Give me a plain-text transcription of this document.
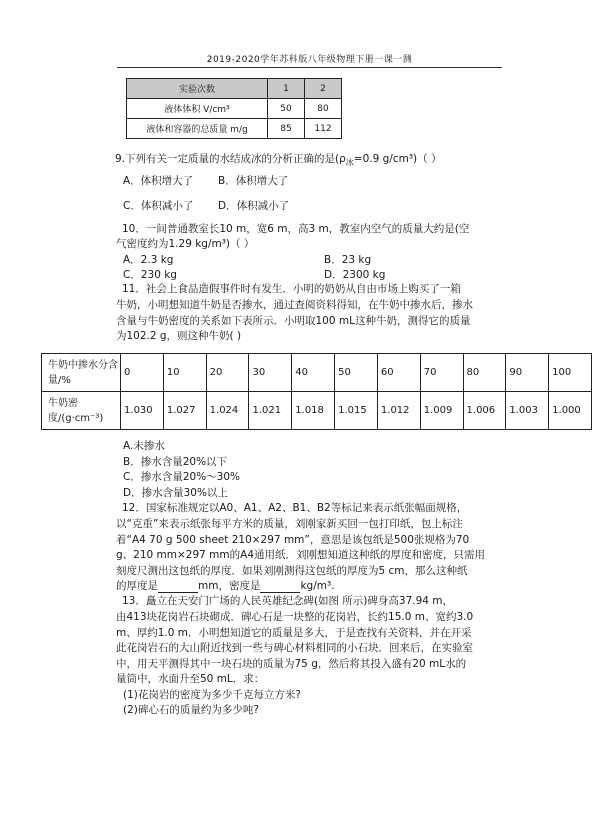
2019-2020学年苏科版八年级物理下册一课一测
实验次数	1	2
液体体积 V/cm³	50	80
液体和容器的总质量 m/g	85	112
9.下列有关一定质量的水结成冰的分析正确的是($\rho_冰=0.9$ g/cm³)（ ）
A．体积增大了 B．体积增大了
C．体积减小了 D．体积减小了
10．一间普通教室长10 m，宽6 m，高3 m，教室内空气的质量大约是(空
气密度约为1.29 kg/m³)（ ）
A．2.3 kg	B．23 kg
C．230 kg	D．2300 kg
11．社会上食品造假事件时有发生．小明的奶奶从自由市场上购买了一箱
牛奶，小明想知道牛奶是否掺水，通过查阅资料得知，在牛奶中掺水后，掺水
含量与牛奶密度的关系如下表所示．小明取100 mL这种牛奶，测得它的质量
为102.2 g，则这种牛奶( )
牛奶中掺水分含量/%	0	10	20	30	40	50	60	70	80	90	100
牛奶密度/(g·cm⁻³)	1.030	1.027	1.024	1.021	1.018	1.015	1.012	1.009	1.006	1.003	1.000
A.未掺水
B．掺水含量20%以下
C．掺水含量20%～30%
D．掺水含量30%以上
12．国家标准规定以A0、A1、A2、B1、B2等标记来表示纸张幅面规格，
以“克重”来表示纸张每平方米的质量，刘刚家新买回一包打印纸，包上标注
着“A4 70 g 500 sheet 210×297 mm”，意思是该包纸是500张规格为70
g、210 mm×297 mm的A4通用纸．刘刚想知道这种纸的厚度和密度，只需用
刻度尺测出这包纸的厚度．如果刘刚测得这包纸的厚度为5 cm，那么这种纸
的厚度是	mm，密度是	kg/m³.
13．矗立在天安门广场的人民英雄纪念碑(如图 所示)碑身高37.94 m，
由413块花岗岩石块砌成．碑心石是一块整的花岗岩，长约15.0 m、宽约3.0
m、厚约1.0 m．小明想知道它的质量是多大，于是查找有关资料，并在开采
此花岗岩石的大山附近找到一些与碑心材料相同的小石块．回来后，在实验室
中，用天平测得其中一块石块的质量为75 g，然后将其投入盛有20 mL水的
量筒中，水面升至50 mL．求：
(1)花岗岩的密度为多少千克每立方米?
(2)碑心石的质量约为多少吨?
